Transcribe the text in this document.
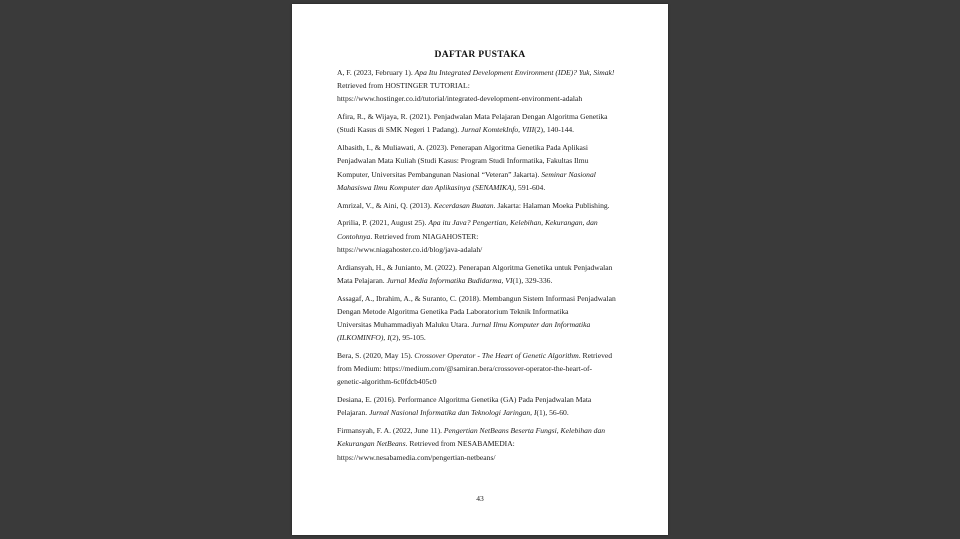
DAFTAR PUSTAKA
A, F. (2023, February 1). Apa Itu Integrated Development Environment (IDE)? Yuk, Simak!
Retrieved from HOSTINGER TUTORIAL:
https://www.hostinger.co.id/tutorial/integrated-development-environment-adalah
Afira, R., & Wijaya, R. (2021). Penjadwalan Mata Pelajaran Dengan Algoritma Genetika
(Studi Kasus di SMK Negeri 1 Padang). Jurnal KomtekInfo, VIII(2), 140-144.
Albasith, I., & Muliawati, A. (2023). Penerapan Algoritma Genetika Pada Aplikasi
Penjadwalan Mata Kuliah (Studi Kasus: Program Studi Informatika, Fakultas Ilmu
Komputer, Universitas Pembangunan Nasional “Veteran” Jakarta). Seminar Nasional
Mahasiswa Ilmu Komputer dan Aplikasinya (SENAMIKA), 591-604.
Amrizal, V., & Aini, Q. (2013). Kecerdasan Buatan. Jakarta: Halaman Moeka Publishing.
Aprilia, P. (2021, August 25). Apa itu Java? Pengertian, Kelebihan, Kekurangan, dan
Contohnya. Retrieved from NIAGAHOSTER:
https://www.niagahoster.co.id/blog/java-adalah/
Ardiansyah, H., & Junianto, M. (2022). Penerapan Algoritma Genetika untuk Penjadwalan
Mata Pelajaran. Jurnal Media Informatika Budidarma, VI(1), 329-336.
Assagaf, A., Ibrahim, A., & Suranto, C. (2018). Membangun Sistem Informasi Penjadwalan
Dengan Metode Algoritma Genetika Pada Laboratorium Teknik Informatika
Universitas Muhammadiyah Maluku Utara. Jurnal Ilmu Komputer dan Informatika
(ILKOMINFO), I(2), 95-105.
Bera, S. (2020, May 15). Crossover Operator - The Heart of Genetic Algorithm. Retrieved
from Medium: https://medium.com/@samiran.bera/crossover-operator-the-heart-of-
genetic-algorithm-6c0fdcb405c0
Desiana, E. (2016). Performance Algoritma Genetika (GA) Pada Penjadwalan Mata
Pelajaran. Jurnal Nasional Informatika dan Teknologi Jaringan, I(1), 56-60.
Firmansyah, F. A. (2022, June 11). Pengertian NetBeans Beserta Fungsi, Kelebihan dan
Kekurangan NetBeans. Retrieved from NESABAMEDIA:
https://www.nesabamedia.com/pengertian-netbeans/
43
